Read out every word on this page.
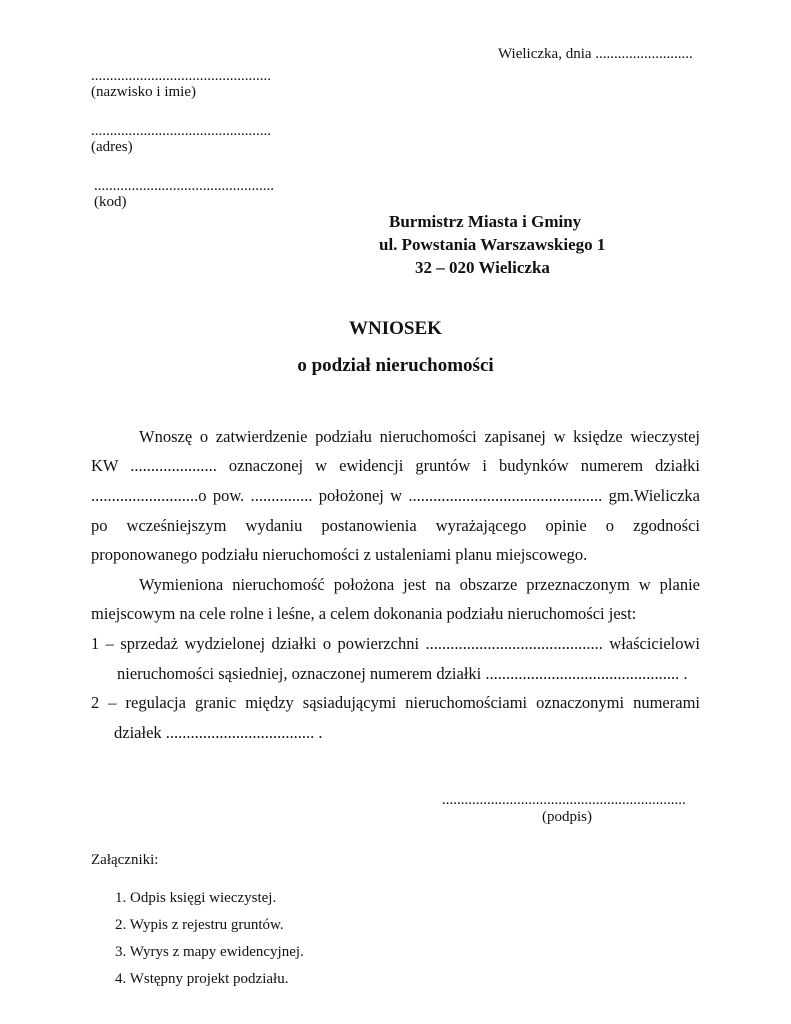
Wieliczka, dnia ..........................
................................................
(nazwisko i imie)
................................................
(adres)
................................................
(kod)
Burmistrz Miasta i Gminy
ul. Powstania Warszawskiego 1
32 – 020 Wieliczka
WNIOSEK
o podział nieruchomości
Wnoszę o zatwierdzenie podziału nieruchomości zapisanej w księdze wieczystej
KW ..................... oznaczonej w ewidencji gruntów i budynków numerem działki
..........................o pow. ............... położonej w ............................................... gm.Wieliczka
po wcześniejszym wydaniu postanowienia wyrażającego opinie o zgodności
proponowanego podziału nieruchomości z ustaleniami planu miejscowego.
Wymieniona nieruchomość położona jest na obszarze przeznaczonym w planie
miejscowym na cele rolne i leśne, a celem dokonania podziału nieruchomości jest:
1 – sprzedaż wydzielonej działki o powierzchni ........................................... właścicielowi
nieruchomości sąsiedniej, oznaczonej numerem działki ............................................... .
2 – regulacja granic między sąsiadującymi nieruchomościami oznaczonymi numerami
działek .................................... .
.................................................................
(podpis)
Załączniki:
1. Odpis księgi wieczystej.
2. Wypis z rejestru gruntów.
3. Wyrys z mapy ewidencyjnej.
4. Wstępny projekt podziału.
